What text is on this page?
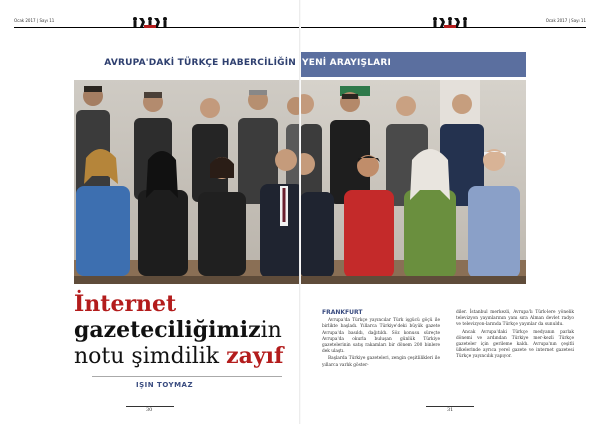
Ocak 2017 | Sayı 11
AVRUPA'DAKİ TÜRKÇE HABERCİLİĞİN
İnternet
gazeteciliğimizin
notu şimdilik zayıf
IŞIN TOYMAZ
30
Ocak 2017 | Sayı 11
YENİ ARAYIŞLARI
FRANKFURT

Avrupa'da Türkçe yayıncılar Türk işgücü göçü ile birlikte başladı. Yıllarca Türkiye'deki büyük gazete Avrupa'da basıldı, dağıtıldı. Söz konusu süreçte Avrupa'da okurla buluşan günlük Türkiye gazetelerinin satış rakamları bir dönem 200 binlere dek ulaştı.

Başlarda Türkiye gazeteleri, zengin çeşitlilikleri ile yıllarca varlık göster-

diler. İstanbul merkezli, Avrupa'lı Türk-lere yönelik televizyon yayınlarının yanı sıra Alman devlet radyo ve televizyon-larında Türkçe yayınlar da sunuldu.

Ancak Avrupa'daki Türkçe medyanın parlak dönemi ve ardından Türkiye mer-kezli Türkçe gazeteler için gerileme kaldı. Avrupa'nın çeşitli ülkelerinde ayrıca yerel gazete ve internet gazetesi Türkçe yayıncılık yapıyor.

31
